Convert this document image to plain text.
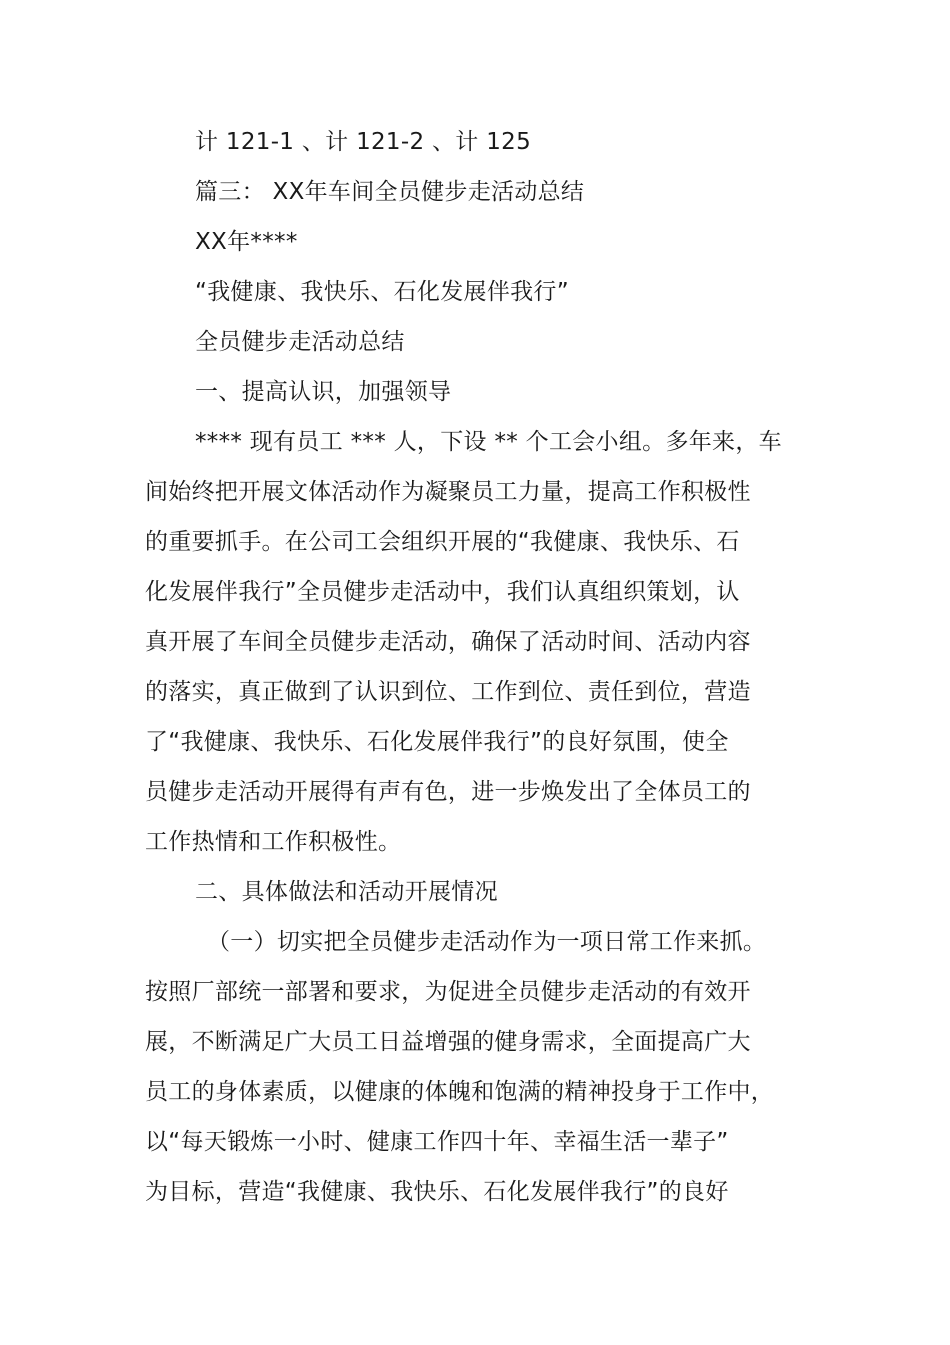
计 121-1 、计 121-2 、计 125
篇三： XX年车间全员健步走活动总结
XX年****
“我健康、我快乐、石化发展伴我行”
全员健步走活动总结
一、提高认识，加强领导
**** 现有员工 *** 人，下设 ** 个工会小组。多年来，车
间始终把开展文体活动作为凝聚员工力量，提高工作积极性
的重要抓手。在公司工会组织开展的“我健康、我快乐、石
化发展伴我行”全员健步走活动中，我们认真组织策划，认
真开展了车间全员健步走活动，确保了活动时间、活动内容
的落实，真正做到了认识到位、工作到位、责任到位，营造
了“我健康、我快乐、石化发展伴我行”的良好氛围，使全
员健步走活动开展得有声有色，进一步焕发出了全体员工的
工作热情和工作积极性。
二、具体做法和活动开展情况
（一）切实把全员健步走活动作为一项日常工作来抓。
按照厂部统一部署和要求，为促进全员健步走活动的有效开
展，不断满足广大员工日益增强的健身需求，全面提高广大
员工的身体素质，以健康的体魄和饱满的精神投身于工作中，
以“每天锻炼一小时、健康工作四十年、幸福生活一辈子”
为目标，营造“我健康、我快乐、石化发展伴我行”的良好
